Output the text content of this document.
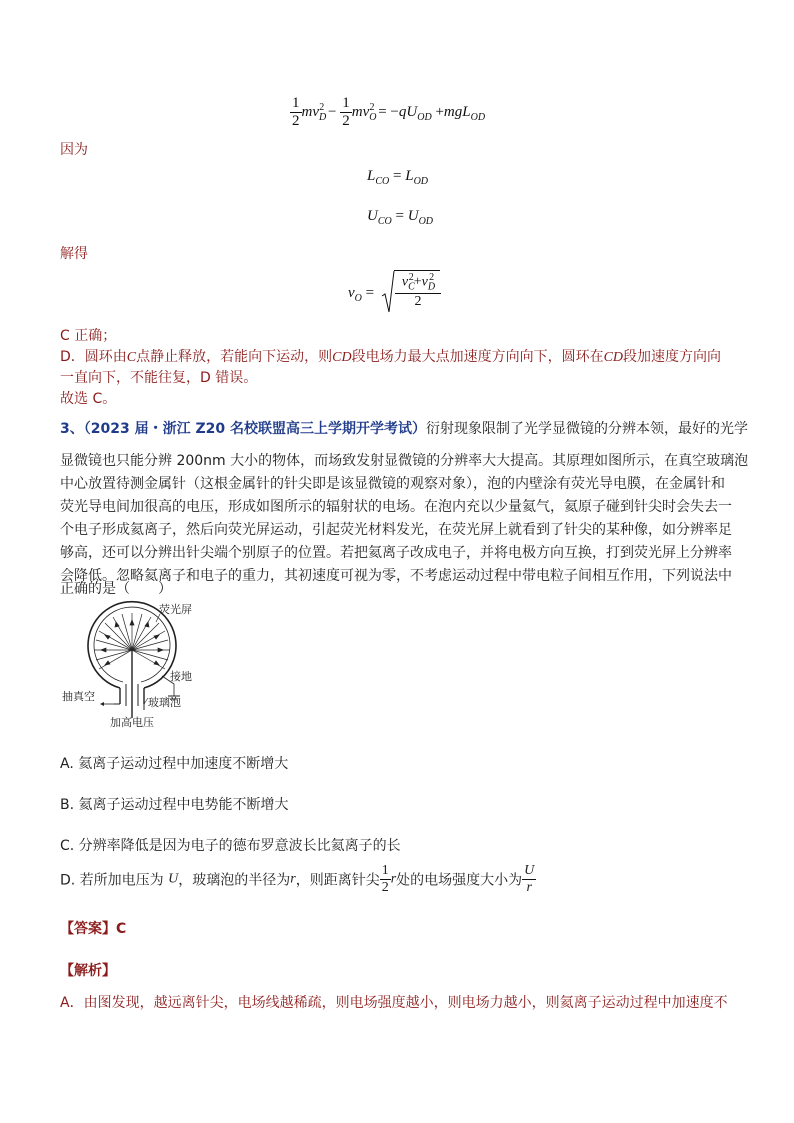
$\frac{1}{2} mv_D^2 - \frac{1}{2} mv_O^2 = -qU_{OD} +mgL_{OD}$
因为
$L_{CO} = L_{OD}$
$U_{CO} = U_{OD}$
解得
$v_O$ =
$v_C^2+v_D^2$
2
C 正确；
D．圆环由C点静止释放，若能向下运动，则CD段电场力最大点加速度方向向下，圆环在CD段加速度方向向
一直向下，不能往复，D 错误。
故选 C。
3、（2023 届・浙江 Z20 名校联盟高三上学期开学考试）衍射现象限制了光学显微镜的分辨本领，最好的光学
显微镜也只能分辨 200nm 大小的物体，而场致发射显微镜的分辨率大大提高。其原理如图所示，在真空玻璃泡
中心放置待测金属针（这根金属针的针尖即是该显微镜的观察对象），泡的内壁涂有荧光导电膜，在金属针和
荧光导电间加很高的电压，形成如图所示的辐射状的电场。在泡内充以少量氦气，氦原子碰到针尖时会失去一
个电子形成氦离子，然后向荧光屏运动，引起荧光材料发光，在荧光屏上就看到了针尖的某种像，如分辨率足
够高，还可以分辨出针尖端个别原子的位置。若把氦离子改成电子，并将电极方向互换，打到荧光屏上分辨率
会降低。忽略氦离子和电子的重力，其初速度可视为零，不考虑运动过程中带电粒子间相互作用，下列说法中
正确的是（　　）
荧光屏
接地
抽真空	玻璃泡
加高电压
A. 氦离子运动过程中加速度不断增大
B. 氦离子运动过程中电势能不断增大
C. 分辨率降低是因为电子的德布罗意波长比氦离子的长
D. 若所加电压为 U，玻璃泡的半径为r，则距离针尖 $\frac{1}{2}$ r处的电场强度大小为 $\frac{U}{r}$
【答案】C
【解析】
A．由图发现，越远离针尖，电场线越稀疏，则电场强度越小，则电场力越小，则氦离子运动过程中加速度不
